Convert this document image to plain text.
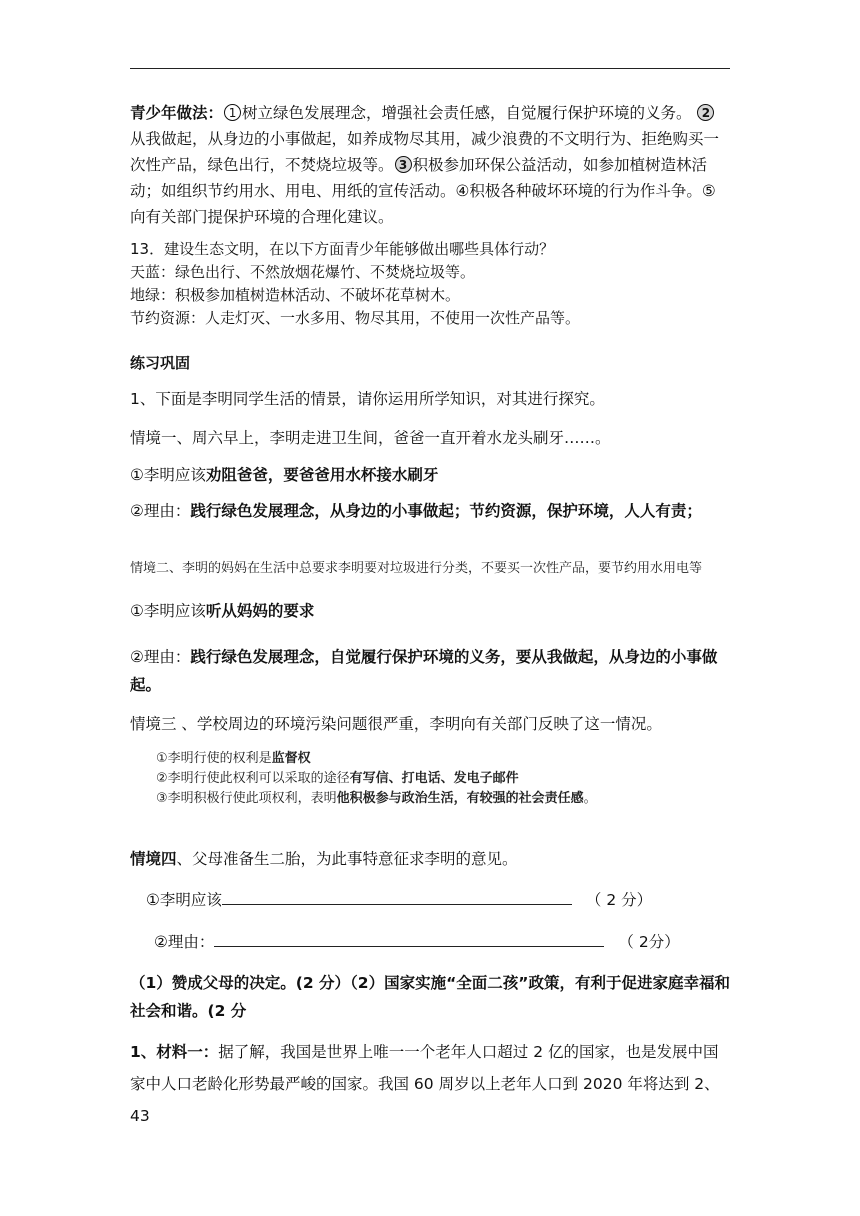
青少年做法： 1 树立绿色发展理念，增强社会责任感，自觉履行保护环境的义务。 2从我做起，从身边的小事做起，如养成物尽其用，减少浪费的不文明行为、拒绝购买一次性产品，绿色出行，不焚烧垃圾等。 3 积极参加环保公益活动，如参加植树造林活动；如组织节约用水、用电、用纸的宣传活动。④积极各种破坏环境的行为作斗争。⑤向有关部门提保护环境的合理化建议。
13．建设生态文明，在以下方面青少年能够做出哪些具体行动？
天蓝：绿色出行、不然放烟花爆竹、不焚烧垃圾等。
地绿：积极参加植树造林活动、不破坏花草树木。
节约资源：人走灯灭、一水多用、物尽其用，不使用一次性产品等。
练习巩固
1、下面是李明同学生活的情景，请你运用所学知识，对其进行探究。
情境一、周六早上，李明走进卫生间，爸爸一直开着水龙头刷牙……。
①李明应该劝阻爸爸，要爸爸用水杯接水刷牙
②理由：践行绿色发展理念，从身边的小事做起；节约资源，保护环境，人人有责；
情境二、李明的妈妈在生活中总要求李明要对垃圾进行分类，不要买一次性产品，要节约用水用电等
①李明应该听从妈妈的要求
②理由：践行绿色发展理念，自觉履行保护环境的义务，要从我做起，从身边的小事做起。
情境三 、学校周边的环境污染问题很严重，李明向有关部门反映了这一情况。
①李明行使的权利是监督权
②李明行使此权利可以采取的途径有写信、打电话、发电子邮件
③李明积极行使此项权利，表明他积极参与政治生活，有较强的社会责任感。
情境四、父母准备生二胎，为此事特意征求李明的意见。
①李明应该	（ 2 分）
②理由：	（ 2分）
（1）赞成父母的决定。(2 分）（2）国家实施“全面二孩”政策，有利于促进家庭幸福和社会和谐。(2 分
1、材料一：据了解，我国是世界上唯一一个老年人口超过 2 亿的国家，也是发展中国家中人口老龄化形势最严峻的国家。我国 60 周岁以上老年人口到 2020 年将达到 2、43
